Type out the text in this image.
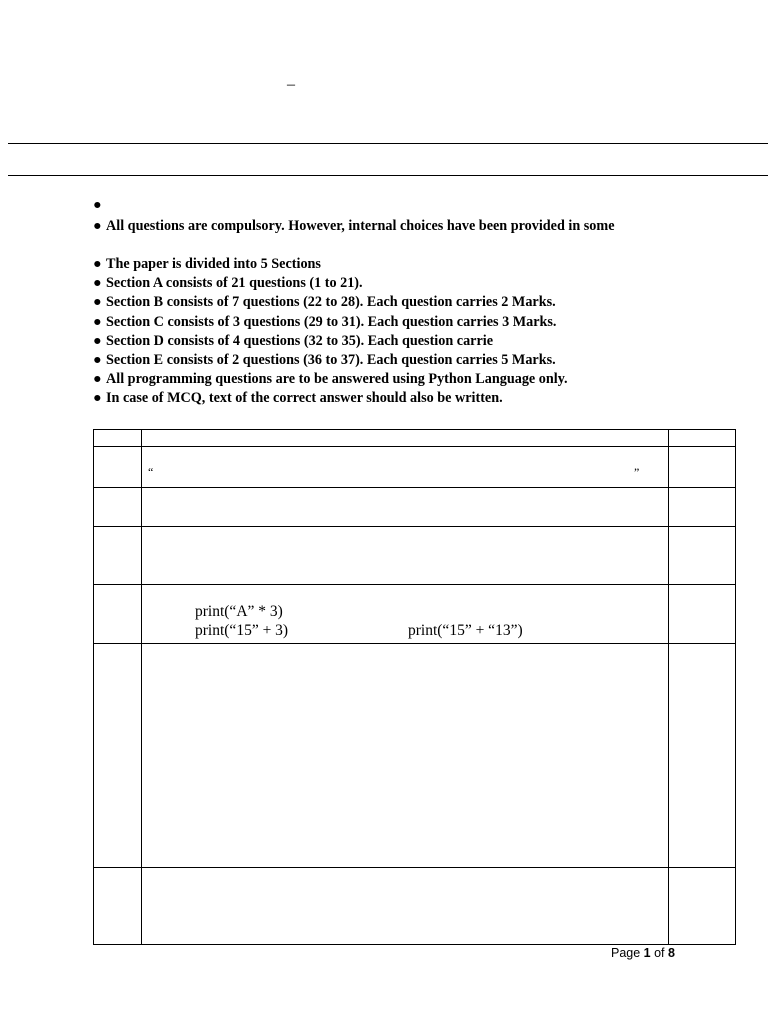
–
●
● All questions are compulsory. However, internal choices have been provided in some
● The paper is divided into 5 Sections
● Section A consists of 21 questions (1 to 21).
● Section B consists of 7 questions (22 to 28). Each question carries 2 Marks.
● Section C consists of 3 questions (29 to 31). Each question carries 3 Marks.
● Section D consists of 4 questions (32 to 35). Each question carrie
● Section E consists of 2 questions (36 to 37). Each question carries 5 Marks.
● All programming questions are to be answered using Python Language only.
● In case of MCQ, text of the correct answer should also be written.

	“ ”	

	print(“A” * 3)
print(“15” + 3) print(“15” + “13”)	

Page 1 of 8
